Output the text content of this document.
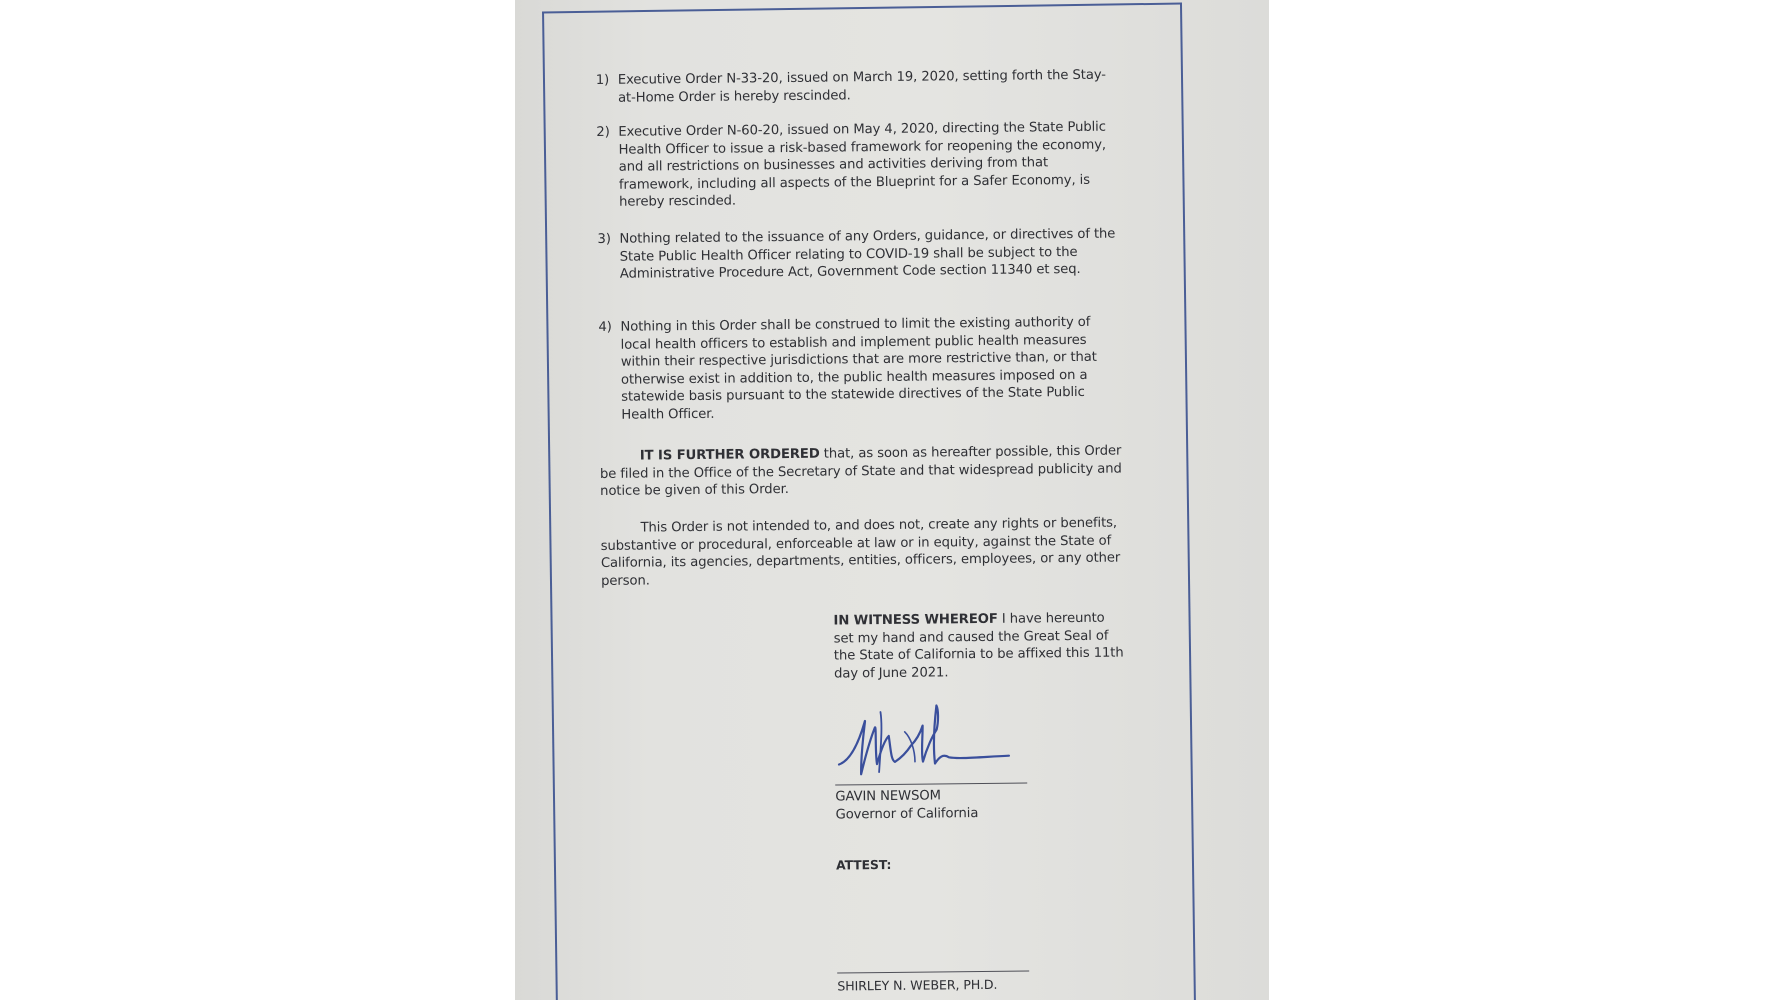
1) Executive Order N-33-20, issued on March 19, 2020, setting forth the Stay-at-Home Order is hereby rescinded.
2) Executive Order N-60-20, issued on May 4, 2020, directing the State Public Health Officer to issue a risk-based framework for reopening the economy, and all restrictions on businesses and activities deriving from that framework, including all aspects of the Blueprint for a Safer Economy, is hereby rescinded.
3) Nothing related to the issuance of any Orders, guidance, or directives of the State Public Health Officer relating to COVID-19 shall be subject to the Administrative Procedure Act, Government Code section 11340 et seq.
4) Nothing in this Order shall be construed to limit the existing authority of local health officers to establish and implement public health measures within their respective jurisdictions that are more restrictive than, or that otherwise exist in addition to, the public health measures imposed on a statewide basis pursuant to the statewide directives of the State Public Health Officer.
IT IS FURTHER ORDERED that, as soon as hereafter possible, this Order be filed in the Office of the Secretary of State and that widespread publicity and notice be given of this Order.
This Order is not intended to, and does not, create any rights or benefits, substantive or procedural, enforceable at law or in equity, against the State of California, its agencies, departments, entities, officers, employees, or any other person.
IN WITNESS WHEREOF I have hereunto set my hand and caused the Great Seal of the State of California to be affixed this 11th day of June 2021.
GAVIN NEWSOM
Governor of California
ATTEST:
SHIRLEY N. WEBER, PH.D.
